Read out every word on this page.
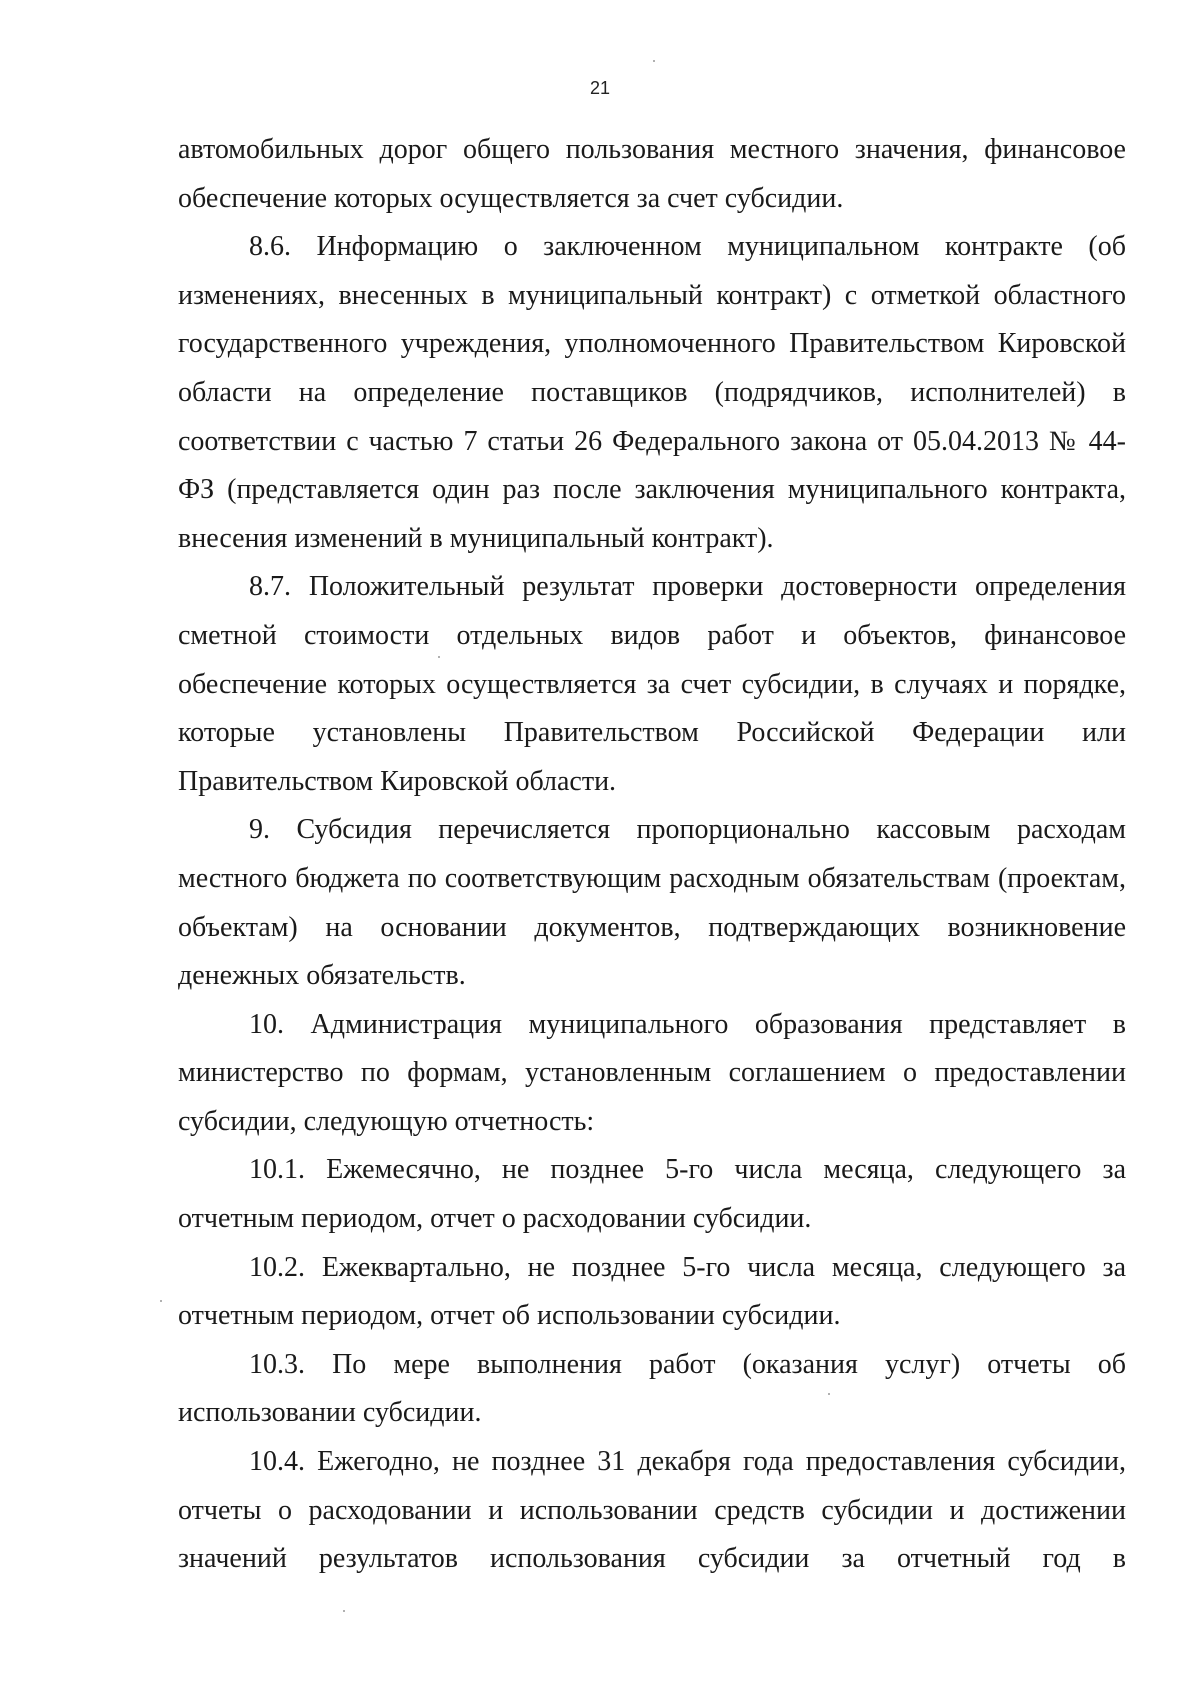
21

автомобильных дорог общего пользования местного значения, финансовое обеспечение которых осуществляется за счет субсидии.

8.6. Информацию о заключенном муниципальном контракте (об изменениях, внесенных в муниципальный контракт) с отметкой областного государственного учреждения, уполномоченного Правительством Кировской области на определение поставщиков (подрядчиков, исполнителей) в соответствии с частью 7 статьи 26 Федерального закона от 05.04.2013 № 44-ФЗ (представляется один раз после заключения муниципального контракта, внесения изменений в муниципальный контракт).

8.7. Положительный результат проверки достоверности определения сметной стоимости отдельных видов работ и объектов, финансовое обеспечение которых осуществляется за счет субсидии, в случаях и порядке, которые установлены Правительством Российской Федерации или Правительством Кировской области.

9. Субсидия перечисляется пропорционально кассовым расходам местного бюджета по соответствующим расходным обязательствам (проектам, объектам) на основании документов, подтверждающих возникновение денежных обязательств.

10. Администрация муниципального образования представляет в министерство по формам, установленным соглашением о предоставлении субсидии, следующую отчетность:

10.1. Ежемесячно, не позднее 5-го числа месяца, следующего за отчетным периодом, отчет о расходовании субсидии.

10.2. Ежеквартально, не позднее 5-го числа месяца, следующего за отчетным периодом, отчет об использовании субсидии.

10.3. По мере выполнения работ (оказания услуг) отчеты об использовании субсидии.

10.4. Ежегодно, не позднее 31 декабря года предоставления субсидии, отчеты о расходовании и использовании средств субсидии и достижении значений результатов использования субсидии за отчетный год в
